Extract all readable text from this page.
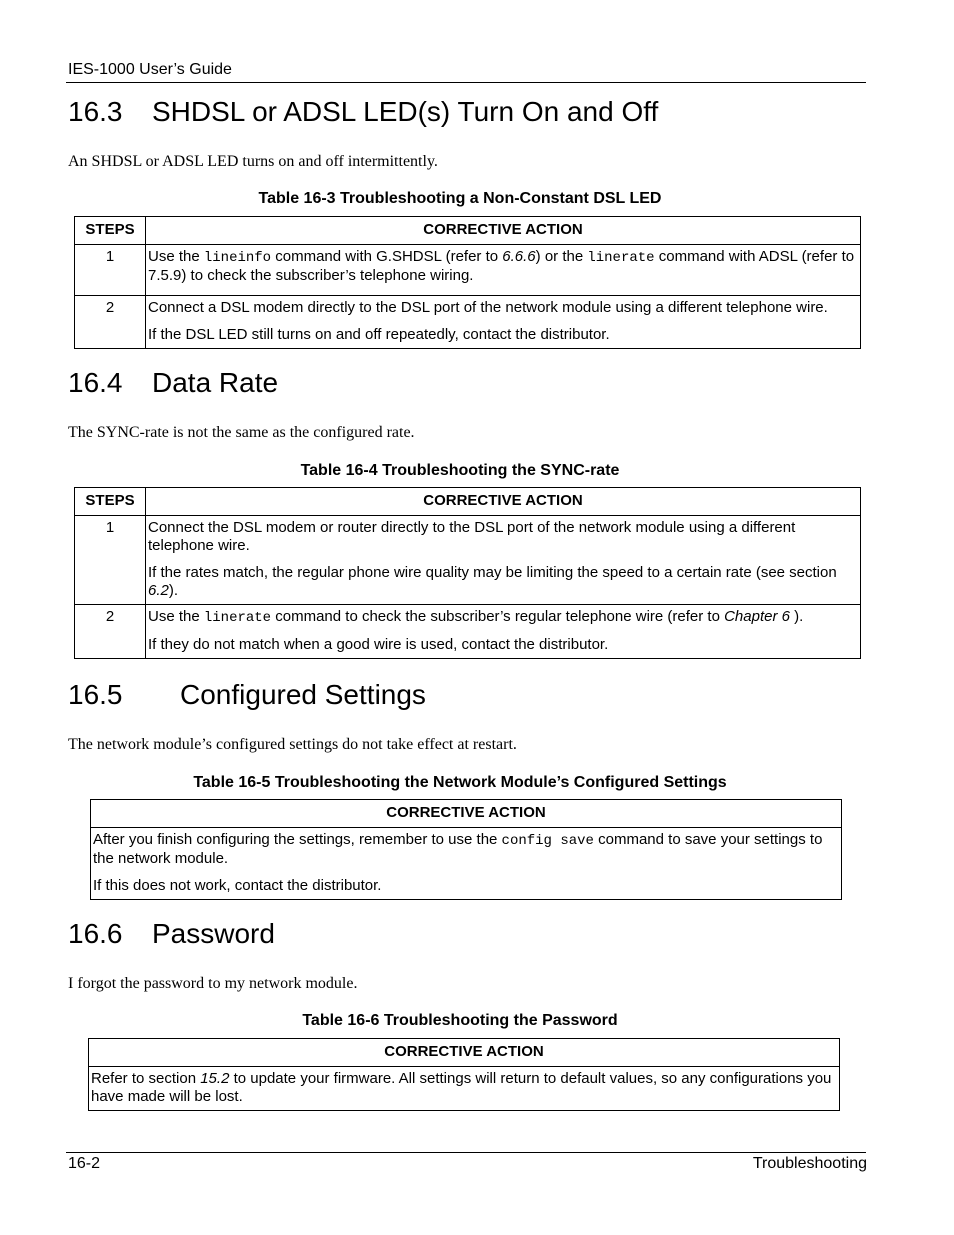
IES-1000 User’s Guide
16.3 SHDSL or ADSL LED(s) Turn On and Off

An SHDSL or ADSL LED turns on and off intermittently.

Table 16-3 Troubleshooting a Non-Constant DSL LED
STEPS	CORRECTIVE ACTION
1	Use the lineinfo command with G.SHDSL (refer to 6.6.6) or the linerate command with ADSL (refer to 7.5.9) to check the subscriber’s telephone wiring.

2	Connect a DSL modem directly to the DSL port of the network module using a different telephone wire.

If the DSL LED still turns on and off repeatedly, contact the distributor.

16.4 Data Rate

The SYNC-rate is not the same as the configured rate.

Table 16-4 Troubleshooting the SYNC-rate
STEPS	CORRECTIVE ACTION
1	Connect the DSL modem or router directly to the DSL port of the network module using a different telephone wire.

If the rates match, the regular phone wire quality may be limiting the speed to a certain rate (see section 6.2).

2	Use the linerate command to check the subscriber’s regular telephone wire (refer to Chapter 6 ).

If they do not match when a good wire is used, contact the distributor.

16.5 Configured Settings

The network module’s configured settings do not take effect at restart.

Table 16-5 Troubleshooting the Network Module’s Configured Settings
CORRECTIVE ACTION

After you finish configuring the settings, remember to use the config save command to save your settings to the network module.

If this does not work, contact the distributor.

16.6 Password

I forgot the password to my network module.

Table 16-6 Troubleshooting the Password
CORRECTIVE ACTION

Refer to section 15.2 to update your firmware. All settings will return to default values, so any configurations you have made will be lost.

16-2	Troubleshooting
